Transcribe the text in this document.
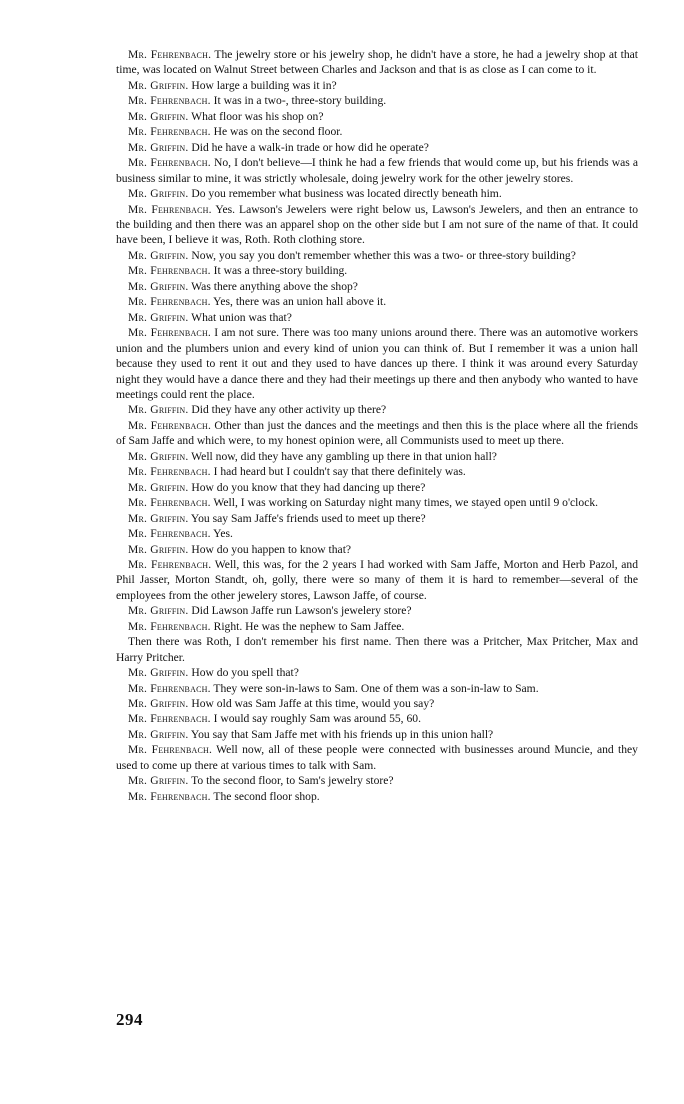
Mr. Fehrenbach. The jewelry store or his jewelry shop, he didn't have a store, he had a jewelry shop at that time, was located on Walnut Street between Charles and Jackson and that is as close as I can come to it.

Mr. Griffin. How large a building was it in?

Mr. Fehrenbach. It was in a two-, three-story building.

Mr. Griffin. What floor was his shop on?

Mr. Fehrenbach. He was on the second floor.

Mr. Griffin. Did he have a walk-in trade or how did he operate?

Mr. Fehrenbach. No, I don't believe—I think he had a few friends that would come up, but his friends was a business similar to mine, it was strictly wholesale, doing jewelry work for the other jewelry stores.

Mr. Griffin. Do you remember what business was located directly beneath him.

Mr. Fehrenbach. Yes. Lawson's Jewelers were right below us, Lawson's Jewelers, and then an entrance to the building and then there was an apparel shop on the other side but I am not sure of the name of that. It could have been, I believe it was, Roth. Roth clothing store.

Mr. Griffin. Now, you say you don't remember whether this was a two- or three-story building?

Mr. Fehrenbach. It was a three-story building.

Mr. Griffin. Was there anything above the shop?

Mr. Fehrenbach. Yes, there was an union hall above it.

Mr. Griffin. What union was that?

Mr. Fehrenbach. I am not sure. There was too many unions around there. There was an automotive workers union and the plumbers union and every kind of union you can think of. But I remember it was a union hall because they used to rent it out and they used to have dances up there. I think it was around every Saturday night they would have a dance there and they had their meetings up there and then anybody who wanted to have meetings could rent the place.

Mr. Griffin. Did they have any other activity up there?

Mr. Fehrenbach. Other than just the dances and the meetings and then this is the place where all the friends of Sam Jaffe and which were, to my honest opinion were, all Communists used to meet up there.

Mr. Griffin. Well now, did they have any gambling up there in that union hall?

Mr. Fehrenbach. I had heard but I couldn't say that there definitely was.

Mr. Griffin. How do you know that they had dancing up there?

Mr. Fehrenbach. Well, I was working on Saturday night many times, we stayed open until 9 o'clock.

Mr. Griffin. You say Sam Jaffe's friends used to meet up there?

Mr. Fehrenbach. Yes.

Mr. Griffin. How do you happen to know that?

Mr. Fehrenbach. Well, this was, for the 2 years I had worked with Sam Jaffe, Morton and Herb Pazol, and Phil Jasser, Morton Standt, oh, golly, there were so many of them it is hard to remember—several of the employees from the other jewelery stores, Lawson Jaffe, of course.

Mr. Griffin. Did Lawson Jaffe run Lawson's jewelery store?

Mr. Fehrenbach. Right. He was the nephew to Sam Jaffee.

Then there was Roth, I don't remember his first name. Then there was a Pritcher, Max Pritcher, Max and Harry Pritcher.

Mr. Griffin. How do you spell that?

Mr. Fehrenbach. They were son-in-laws to Sam. One of them was a son-in-law to Sam.

Mr. Griffin. How old was Sam Jaffe at this time, would you say?

Mr. Fehrenbach. I would say roughly Sam was around 55, 60.

Mr. Griffin. You say that Sam Jaffe met with his friends up in this union hall?

Mr. Fehrenbach. Well now, all of these people were connected with businesses around Muncie, and they used to come up there at various times to talk with Sam.

Mr. Griffin. To the second floor, to Sam's jewelry store?

Mr. Fehrenbach. The second floor shop.

294
